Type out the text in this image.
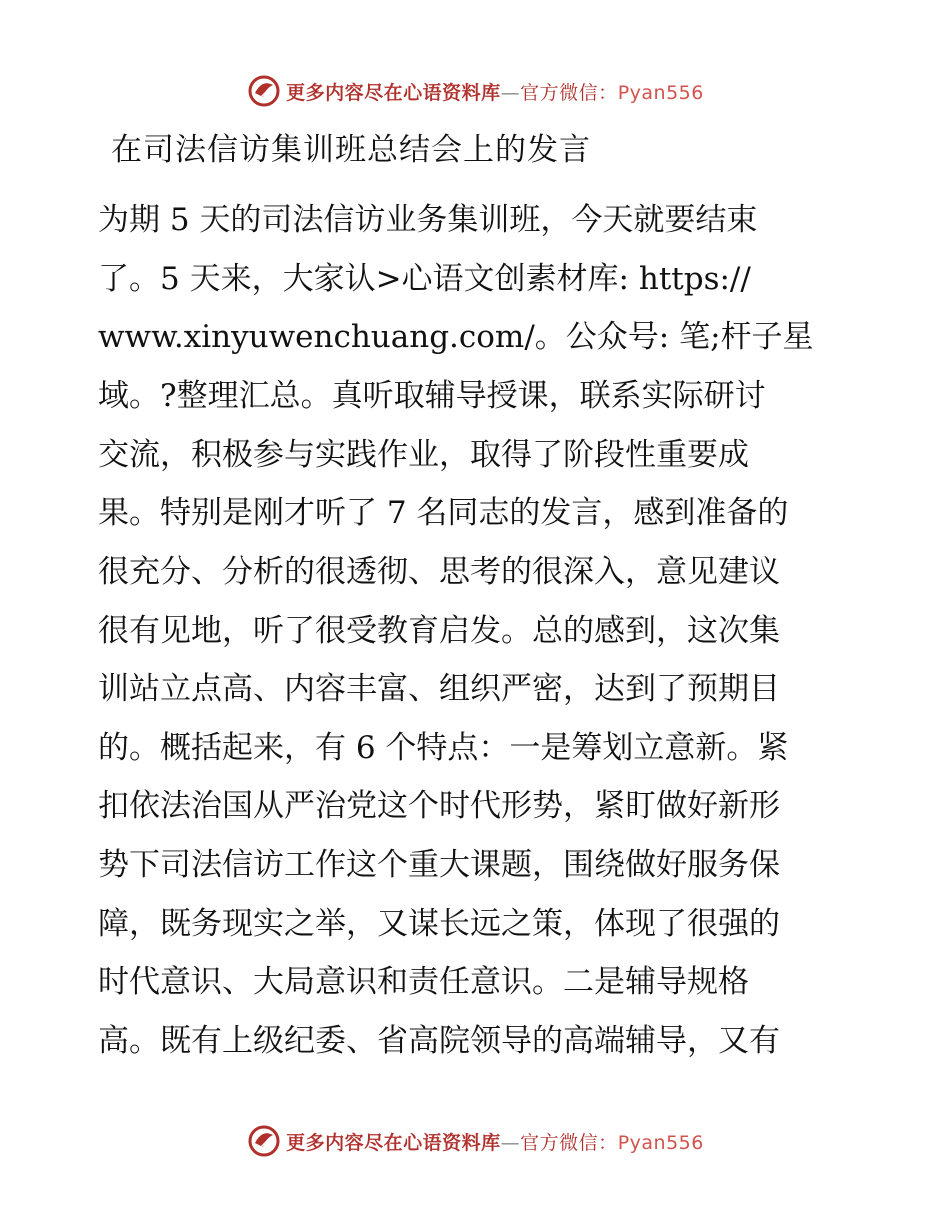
更多内容尽在心语资料库—官方微信：Pyan556
在司法信访集训班总结会上的发言

为期 5 天的司法信访业务集训班，今天就要结束

了。5 天来，大家认>心语文创素材库: https://

www.xinyuwenchuang.com/。公众号: 笔;杆子星

域。?整理汇总。真听取辅导授课，联系实际研讨

交流，积极参与实践作业，取得了阶段性重要成

果。特别是刚才听了 7 名同志的发言，感到准备的

很充分、分析的很透彻、思考的很深入，意见建议

很有见地，听了很受教育启发。总的感到，这次集

训站立点高、内容丰富、组织严密，达到了预期目

的。概括起来，有 6 个特点：一是筹划立意新。紧

扣依法治国从严治党这个时代形势，紧盯做好新形

势下司法信访工作这个重大课题，围绕做好服务保

障，既务现实之举，又谋长远之策，体现了很强的

时代意识、大局意识和责任意识。二是辅导规格

高。既有上级纪委、省高院领导的高端辅导，又有

更多内容尽在心语资料库—官方微信：Pyan556
